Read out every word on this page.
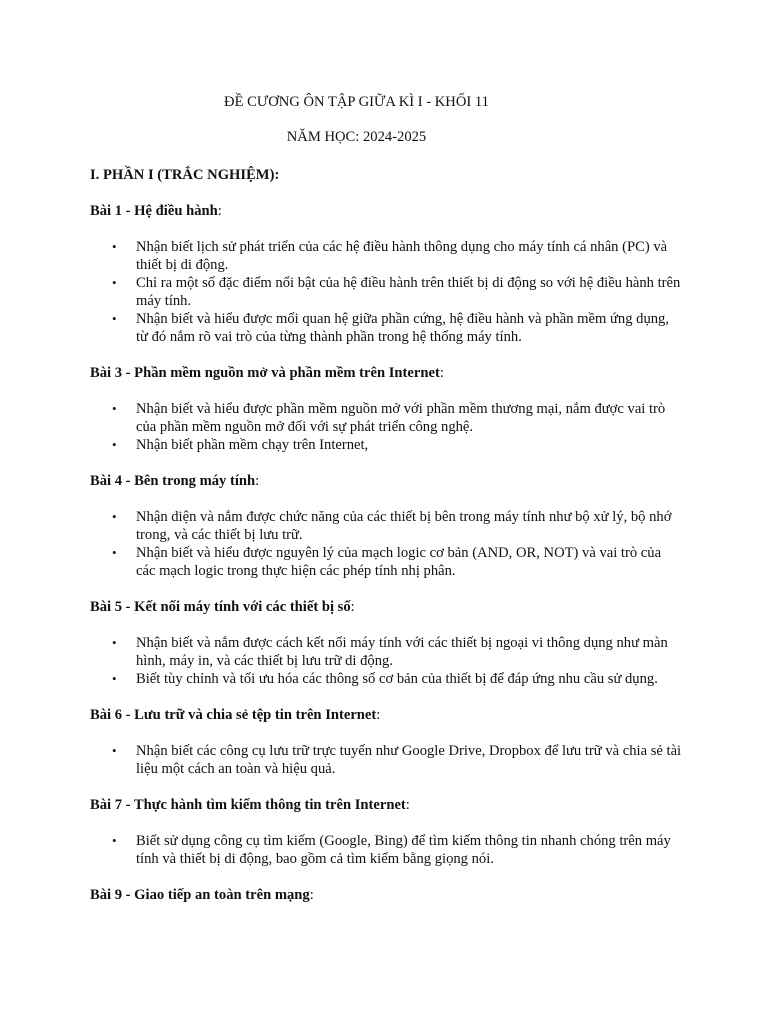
ĐỀ CƯƠNG ÔN TẬP GIỮA KÌ I - KHỐI 11

NĂM HỌC: 2024-2025

I. PHẦN I (TRẮC NGHIỆM):

Bài 1 - Hệ điều hành:

• Nhận biết lịch sử phát triển của các hệ điều hành thông dụng cho máy tính cá nhân (PC) và thiết bị di động.
• Chỉ ra một số đặc điểm nổi bật của hệ điều hành trên thiết bị di động so với hệ điều hành trên máy tính.
• Nhận biết và hiểu được mối quan hệ giữa phần cứng, hệ điều hành và phần mềm ứng dụng, từ đó nắm rõ vai trò của từng thành phần trong hệ thống máy tính.

Bài 3 - Phần mềm nguồn mở và phần mềm trên Internet:

• Nhận biết và hiểu được phần mềm nguồn mở với phần mềm thương mại, nắm được vai trò của phần mềm nguồn mở đối với sự phát triển công nghệ.
• Nhận biết phần mềm chạy trên Internet,

Bài 4 - Bên trong máy tính:

• Nhận diện và nắm được chức năng của các thiết bị bên trong máy tính như bộ xử lý, bộ nhớ trong, và các thiết bị lưu trữ.
• Nhận biết và hiểu được nguyên lý của mạch logic cơ bản (AND, OR, NOT) và vai trò của các mạch logic trong thực hiện các phép tính nhị phân.

Bài 5 - Kết nối máy tính với các thiết bị số:

• Nhận biết và nắm được cách kết nối máy tính với các thiết bị ngoại vi thông dụng như màn hình, máy in, và các thiết bị lưu trữ di động.
• Biết tùy chỉnh và tối ưu hóa các thông số cơ bản của thiết bị để đáp ứng nhu cầu sử dụng.

Bài 6 - Lưu trữ và chia sẻ tệp tin trên Internet:

• Nhận biết các công cụ lưu trữ trực tuyến như Google Drive, Dropbox để lưu trữ và chia sẻ tài liệu một cách an toàn và hiệu quả.

Bài 7 - Thực hành tìm kiếm thông tin trên Internet:

• Biết sử dụng công cụ tìm kiếm (Google, Bing) để tìm kiếm thông tin nhanh chóng trên máy tính và thiết bị di động, bao gồm cả tìm kiếm bằng giọng nói.

Bài 9 - Giao tiếp an toàn trên mạng:
